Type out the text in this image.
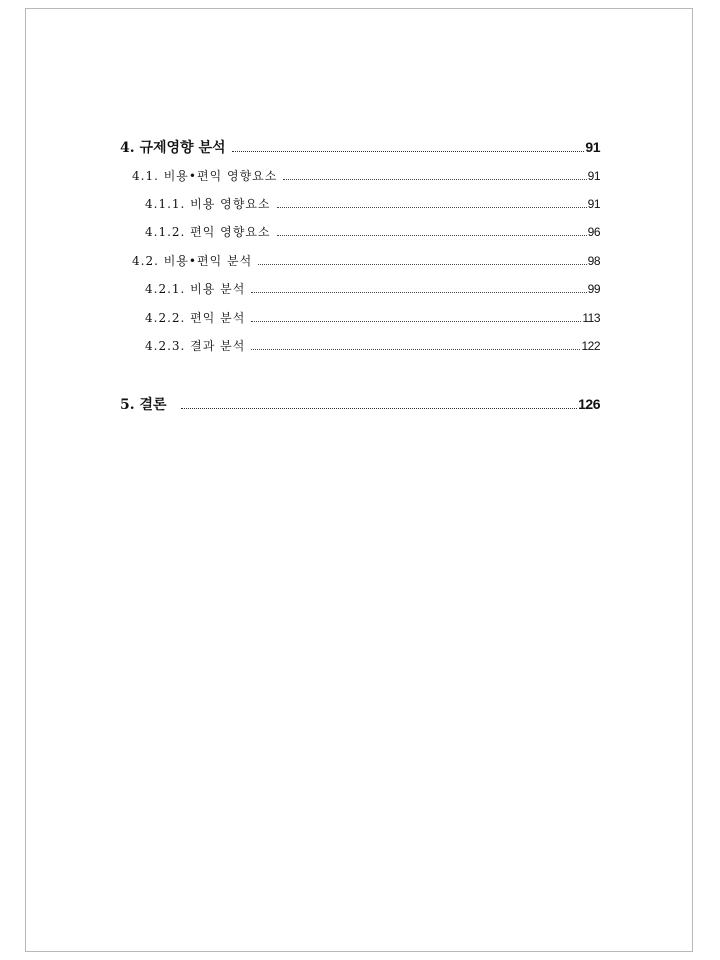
4. 규제영향 분석	91
4.1. 비용•편익 영향요소	91
4.1.1. 비용 영향요소	91
4.1.2. 편익 영향요소	96
4.2. 비용•편익 분석	98
4.2.1. 비용 분석	99
4.2.2. 편익 분석	113
4.2.3. 결과 분석	122
5. 결론	126
